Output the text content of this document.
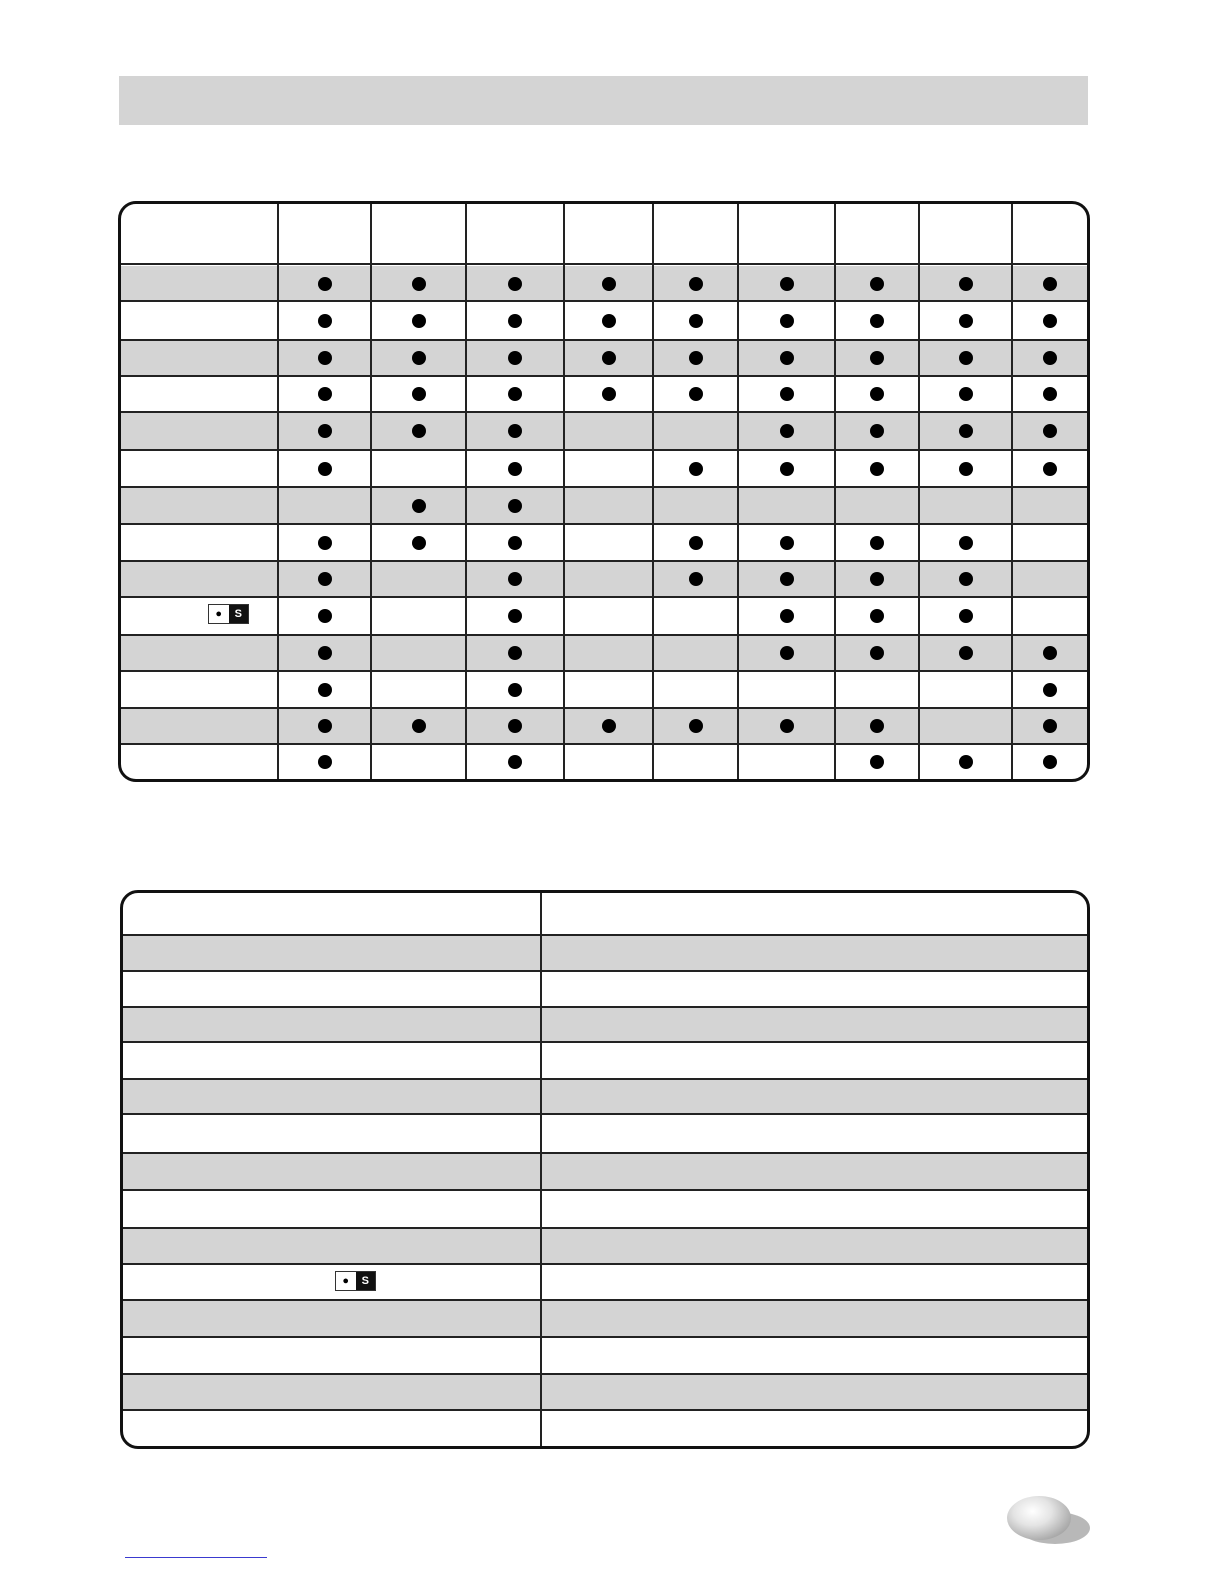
●	S
●	S
